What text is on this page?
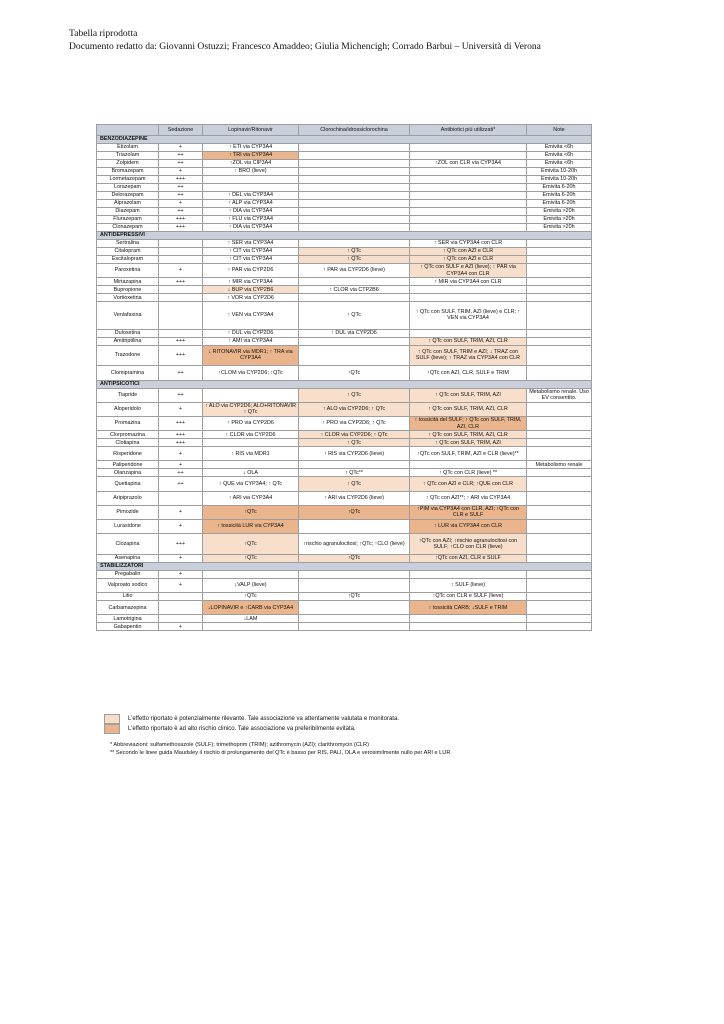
Tabella riprodotta
Documento redatto da: Giovanni Ostuzzi; Francesco Amaddeo; Giulia Michencigh; Corrado Barbui – Università di Verona
	Sedazione	Lopinavir/Ritonavir	Clorochina/idrossiclorochina	Antibiotici più utilizzati*	Note
BENZODIAZEPINE					
Etizolam	+	↑ ETI via CYP3A4			Emivita <6h
Triazolam	++	↑ TRI via CYP3A4			Emivita <6h
Zolpidem	++	↑ZOL via CIP3A4		↑ZOL con CLR via CYP3A4	Emivita <6h
Bromazepam	+	↑ BRO (lieve)			Emivita 10-20h
Lormetazepam	+++				Emivita 10-20h
Lorazepam	++				Emivita 6-20h
Delorazepam	++	↑ DEL via CYP3A4			Emivita 6-20h
Alprazolam	+	↑ ALP via CYP3A4			Emivita 6-20h
Diazepam	++	↑ DIA via CYP3A4			Emivita >20h
Flurazepam	+++	↑ FLU via CYP3A4			Emivita >20h
Clonazepam	+++	↑ DIA via CYP3A4			Emivita >20h
ANTIDEPRESSIVI					
Sertralina		↑ SER via CYP3A4		↑ SER via CYP3A4 con CLR	
Citalopram		↑ CIT via CYP3A4	↑ QTc	↑ QTc con AZI e CLR	
Escitalopram		↑ CIT via CYP3A4	↑ QTc	↑ QTc con AZI e CLR	
Paroxetina	+	↑ PAR via CYP2D6	↑ PAR via CYP2D6 (lieve)	↑ QTc con SULF e AZI (lieve); ↑ PAR via CYP3A4 con CLR	
Mirtazapina	+++	↑ MIR via CYP3A4		↑ MIR via CYP3A4 con CLR	
Bupropione		↓ BUP via CYP2B6	↑ CLOR via CTP2B6		
Vortioxetina		↑ VOR via CYP2D6			
Venlafaxina		↑ VEN via CYP3A4	↑ QTc	↑ QTc con SULF, TRIM, AZI (lieve) e CLR; ↑ VEN via CYP3A4	
Duloxetina		↑ DUL via CYP2D6	↑ DUL via CYP2D6		
Amitriptilina	+++	↑ AMI via CYP3A4		↑ QTc con SULF, TRIM, AZI, CLR	
Trazodone	+++	↓ RITONAVIR via MDR1; ↑ TRA via CYP3A4		↑ QTc con SULF, TRIM e AZI; ↓ TRAZ con SULF (lieve); ↑ TRAZ via CYP3A4 con CLR	
Clomipramina	++	↑CLOM via CYP2D6; ↑QTc	↑QTc	↑QTc con AZI, CLR, SULF e TRIM	
ANTIPSICOTICI					
Tiapride	++		↑ QTc	↑ QTc con SULF, TRIM, AZI	Metabolismo renale. Uso EV consentito.
Aloperidolo	+	↑ ALO via CYP2D6; ALO+RITONAVIR ↑ QTc	↑ ALO via CYP2D6; ↑ QTc	↑ QTc con SULF, TRIM, AZI, CLR	
Promazina	+++	↑ PRO via CYP2D6	↑ PRO via CYP2D6; ↑ QTc	↑ tossicità del SULF; ↑ QTc con SULF, TRIM, AZI, CLR	
Clorpromazina	+++	↑ CLOR via CYP2D6	↑ CLOR via CYP2D6; ↑ QTc	↑ QTc con SULF, TRIM, AZI, CLR	
Clotiapina	+++		↑ QTc	↑ QTc con SULF, TRIM, AZI	
Risperidone	+	↑ RIS via MDR1	↑ RIS via CYP2D6 (lieve)	↑QTc con SULF, TRIM, AZI e CLR (lieve)**	
Paliperidone	+				Metabolismo renale
Olanzapina	++	↓ OLA	↑ QTc**	↑ QTc con CLR (lieve) **	
Quetiapina	++	↑ QUE via CYP3A4; ↑ QTc	↑ QTc	↑ QTc con AZI e CLR; ↑QUE con CLR	
Aripiprazolo		↑ ARI via CYP3A4	↑ ARI via CYP2D6 (lieve)	↑ QTc con AZI**; ↑ ARI via CYP3A4	
Pimozide	+	↑QTc	↑QTc	↑PIM via CYP3A4 con CLR, AZI; ↑QTc con CLR e SULF	
Lurasidone	+	↑ tossicità LUR via CYP3A4		↑ LUR via CYP3A4 con CLR	
Clozapina	+++	↑QTc	↑rischio agranulocitosi; ↑QTc; ↑CLO (lieve)	↑QTc con AZI; ↑rischio agranulocitosi con SULF; ↑CLO con CLR (lieve)	
Asenapina	+	↑QTc	↑QTc	↑QTc con AZI, CLR e SULF	
STABILIZZATORI					
Pregabalin	+				
Valproato sodico	+	↓VALP (lieve)		↑ SULF (lieve)	
Litio		↑QTc	↑QTc	↑QTc con CLR e SULF (lieve)	
Carbamazepina		↓LOPINAVIR e ↑CARB via CYP3A4		↑ tossicità CARB; ↓SULF e TRIM	
Lamotrigina		↓LAM			
Gabapentin	+				
L’effetto riportato è potenzialmente rilevante. Tale associazione va attentamente valutata e monitorata.
L’effetto riportato è ad alto rischio clinico. Tale associazione va preferibilmente evitata.
* Abbreviazioni: sulfamethoxazole (SULF); trimethoprim (TRIM); azithromycin (AZI); clarithromycin (CLR)
** Secondo le linee guida Maudsley il rischio di prolungamento del QTc è basso per RIS, PALI, OLA e verosimilmente nullo per ARI e LUR
